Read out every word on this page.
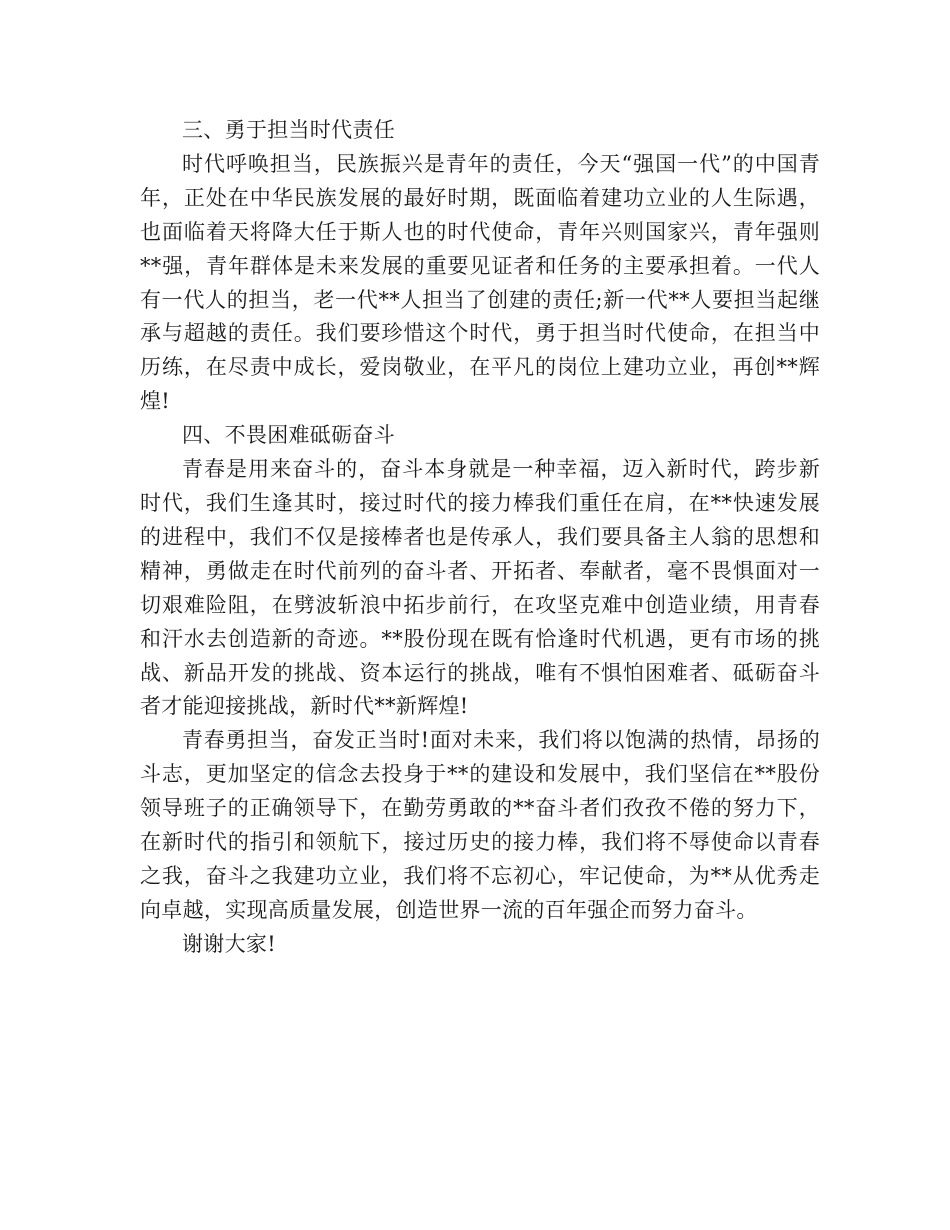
三、勇于担当时代责任

时代呼唤担当，民族振兴是青年的责任，今天“强国一代”的中国青年，正处在中华民族发展的最好时期，既面临着建功立业的人生际遇，也面临着天将降大任于斯人也的时代使命，青年兴则国家兴，青年强则**强，青年群体是未来发展的重要见证者和任务的主要承担着。一代人有一代人的担当，老一代**人担当了创建的责任;新一代**人要担当起继承与超越的责任。我们要珍惜这个时代，勇于担当时代使命，在担当中历练，在尽责中成长，爱岗敬业，在平凡的岗位上建功立业，再创**辉煌!

四、不畏困难砥砺奋斗

青春是用来奋斗的，奋斗本身就是一种幸福，迈入新时代，跨步新时代，我们生逢其时，接过时代的接力棒我们重任在肩，在**快速发展的进程中，我们不仅是接棒者也是传承人，我们要具备主人翁的思想和精神，勇做走在时代前列的奋斗者、开拓者、奉献者，毫不畏惧面对一切艰难险阻，在劈波斩浪中拓步前行，在攻坚克难中创造业绩，用青春和汗水去创造新的奇迹。**股份现在既有恰逢时代机遇，更有市场的挑战、新品开发的挑战、资本运行的挑战，唯有不惧怕困难者、砥砺奋斗者才能迎接挑战，新时代**新辉煌!

青春勇担当，奋发正当时!面对未来，我们将以饱满的热情，昂扬的斗志，更加坚定的信念去投身于**的建设和发展中，我们坚信在**股份领导班子的正确领导下，在勤劳勇敢的**奋斗者们孜孜不倦的努力下，在新时代的指引和领航下，接过历史的接力棒，我们将不辱使命以青春之我，奋斗之我建功立业，我们将不忘初心，牢记使命，为**从优秀走向卓越，实现高质量发展，创造世界一流的百年强企而努力奋斗。

谢谢大家!
